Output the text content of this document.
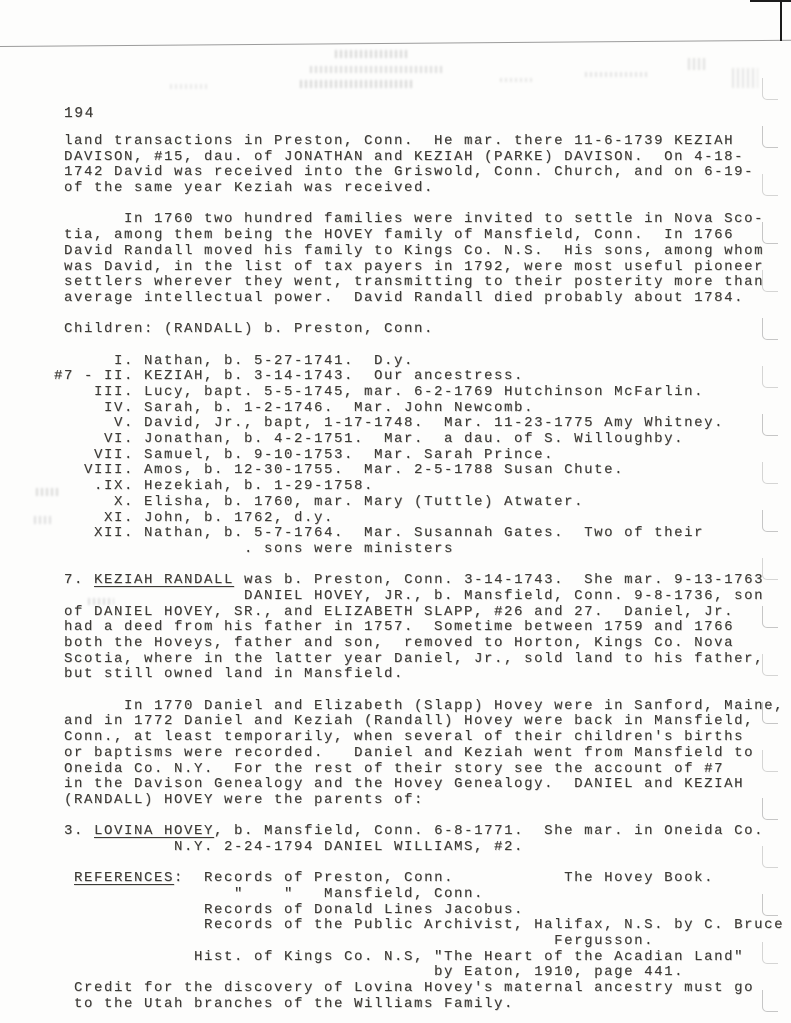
194
land transactions in Preston, Conn.  He mar. there 11-6-1739 KEZIAH
DAVISON, #15, dau. of JONATHAN and KEZIAH (PARKE) DAVISON.  On 4-18-
1742 David was received into the Griswold, Conn. Church, and on 6-19-
of the same year Keziah was received.
In 1760 two hundred families were invited to settle in Nova Sco-
tia, among them being the HOVEY family of Mansfield, Conn.  In 1766
David Randall moved his family to Kings Co. N.S.  His sons, among whom
was David, in the list of tax payers in 1792, were most useful pioneer
settlers wherever they went, transmitting to their posterity more than
average intellectual power.  David Randall died probably about 1784.
Children: (RANDALL) b. Preston, Conn.
I. Nathan, b. 5-27-1741.  D.y.
#7 - II. KEZIAH, b. 3-14-1743.  Our ancestress.
III. Lucy, bapt. 5-5-1745, mar. 6-2-1769 Hutchinson McFarlin.
IV. Sarah, b. 1-2-1746.  Mar. John Newcomb.
V. David, Jr., bapt, 1-17-1748.  Mar. 11-23-1775 Amy Whitney.
VI. Jonathan, b. 4-2-1751.  Mar.  a dau. of S. Willoughby.
VII. Samuel, b. 9-10-1753.  Mar. Sarah Prince.
VIII. Amos, b. 12-30-1755.  Mar. 2-5-1788 Susan Chute.
.IX. Hezekiah, b. 1-29-1758.
X. Elisha, b. 1760, mar. Mary (Tuttle) Atwater.
XI. John, b. 1762, d.y.
XII. Nathan, b. 5-7-1764.  Mar. Susannah Gates.  Two of their
. sons were ministers
7. KEZIAH RANDALL was b. Preston, Conn. 3-14-1743.  She mar. 9-13-1763
DANIEL HOVEY, JR., b. Mansfield, Conn. 9-8-1736, son
of DANIEL HOVEY, SR., and ELIZABETH SLAPP, #26 and 27.  Daniel, Jr.
had a deed from his father in 1757.  Sometime between 1759 and 1766
both the Hoveys, father and son,  removed to Horton, Kings Co. Nova
Scotia, where in the latter year Daniel, Jr., sold land to his father,
but still owned land in Mansfield.
In 1770 Daniel and Elizabeth (Slapp) Hovey were in Sanford, Maine,
and in 1772 Daniel and Keziah (Randall) Hovey were back in Mansfield,
Conn., at least temporarily, when several of their children's births
or baptisms were recorded.   Daniel and Keziah went from Mansfield to
Oneida Co. N.Y.  For the rest of their story see the account of #7
in the Davison Genealogy and the Hovey Genealogy.  DANIEL and KEZIAH
(RANDALL) HOVEY were the parents of:
3. LOVINA HOVEY, b. Mansfield, Conn. 6-8-1771.  She mar. in Oneida Co.
N.Y. 2-24-1794 DANIEL WILLIAMS, #2.
REFERENCES:  Records of Preston, Conn.           The Hovey Book.
"    "   Mansfield, Conn.
Records of Donald Lines Jacobus.
Records of the Public Archivist, Halifax, N.S. by C. Bruce
Fergusson.
Hist. of Kings Co. N.S, "The Heart of the Acadian Land"
by Eaton, 1910, page 441.
Credit for the discovery of Lovina Hovey's maternal ancestry must go
to the Utah branches of the Williams Family.
